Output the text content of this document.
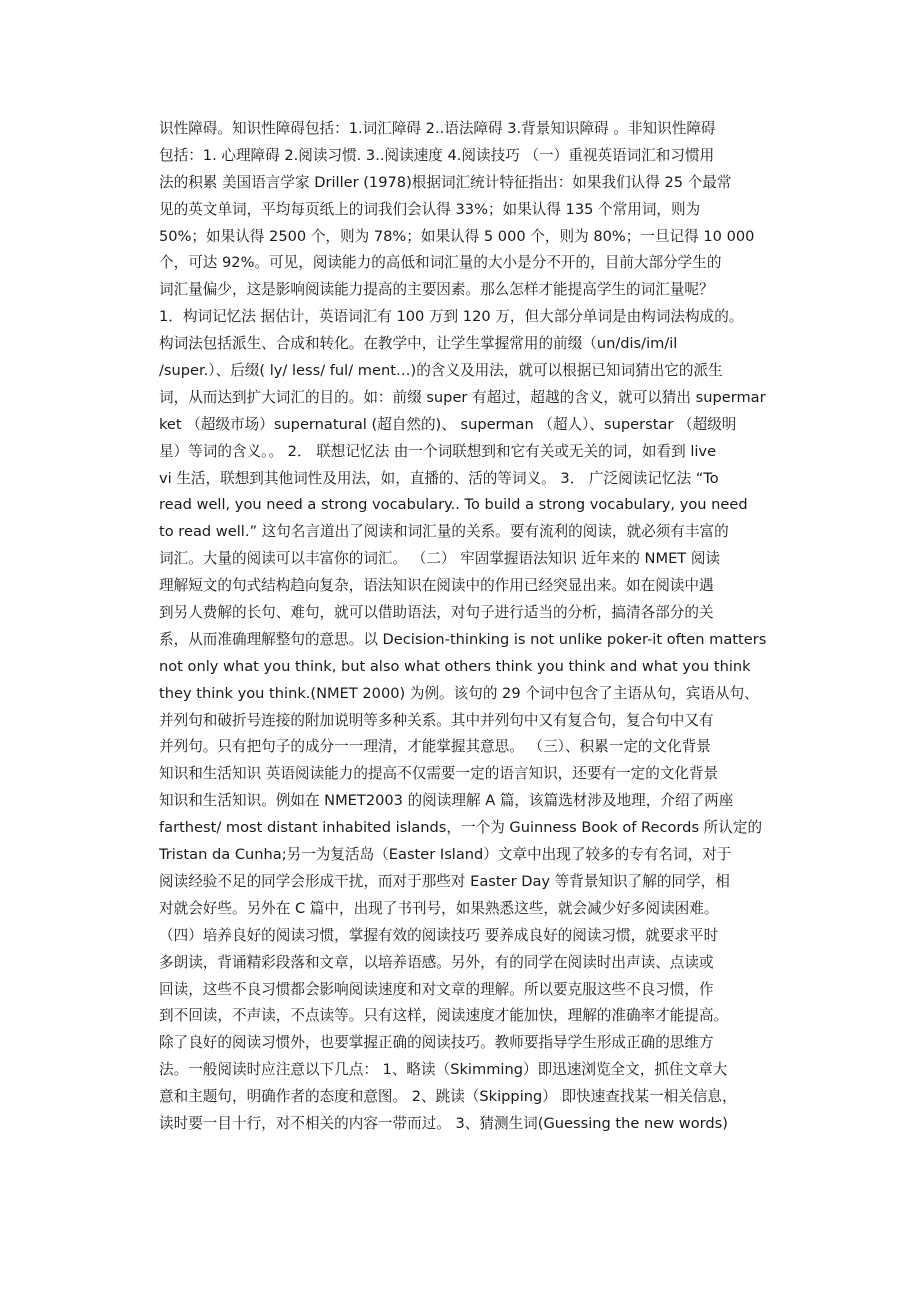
识性障碍。知识性障碍包括：1.词汇障碍 2..语法障碍 3.背景知识障碍 。非知识性障碍
包括：1. 心理障碍 2.阅读习惯. 3..阅读速度 4.阅读技巧 （一）重视英语词汇和习惯用
法的积累 美国语言学家 Driller (1978)根据词汇统计特征指出：如果我们认得 25 个最常
见的英文单词，平均每页纸上的词我们会认得 33%；如果认得 135 个常用词，则为
50%；如果认得 2500 个，则为 78%；如果认得 5 000 个，则为 80%；一旦记得 10 000
个，可达 92%。可见，阅读能力的高低和词汇量的大小是分不开的，目前大部分学生的
词汇量偏少，这是影响阅读能力提高的主要因素。那么怎样才能提高学生的词汇量呢？
1．构词记忆法 据估计，英语词汇有 100 万到 120 万，但大部分单词是由构词法构成的。
构词法包括派生、合成和转化。在教学中，让学生掌握常用的前缀（un/dis/im/il
/super.）、后缀( ly/ less/ ful/ ment…)的含义及用法，就可以根据已知词猜出它的派生
词，从而达到扩大词汇的目的。如：前缀 super 有超过，超越的含义，就可以猜出 supermar
ket （超级市场）supernatural (超自然的)、 superman （超人）、superstar （超级明
星）等词的含义。。 2． 联想记忆法 由一个词联想到和它有关或无关的词，如看到 live
vi 生活，联想到其他词性及用法，如，直播的、活的等词义。 3． 广泛阅读记忆法 “To
read well, you need a strong vocabulary.. To build a strong vocabulary, you need
to read well.” 这句名言道出了阅读和词汇量的关系。要有流利的阅读，就必须有丰富的
词汇。大量的阅读可以丰富你的词汇。 （二） 牢固掌握语法知识 近年来的 NMET 阅读
理解短文的句式结构趋向复杂，语法知识在阅读中的作用已经突显出来。如在阅读中遇
到另人费解的长句、难句，就可以借助语法，对句子进行适当的分析，搞清各部分的关
系，从而准确理解整句的意思。以 Decision-thinking is not unlike poker-it often matters
not only what you think, but also what others think you think and what you think
they think you think.(NMET 2000) 为例。该句的 29 个词中包含了主语从句，宾语从句、
并列句和破折号连接的附加说明等多种关系。其中并列句中又有复合句，复合句中又有
并列句。只有把句子的成分一一理清，才能掌握其意思。 （三）、积累一定的文化背景
知识和生活知识 英语阅读能力的提高不仅需要一定的语言知识，还要有一定的文化背景
知识和生活知识。例如在 NMET2003 的阅读理解 A 篇，该篇选材涉及地理，介绍了两座
farthest/ most distant inhabited islands，一个为 Guinness Book of Records 所认定的
Tristan da Cunha;另一为复活岛（Easter Island）文章中出现了较多的专有名词，对于
阅读经验不足的同学会形成干扰，而对于那些对 Easter Day 等背景知识了解的同学，相
对就会好些。另外在 C 篇中，出现了书刊号，如果熟悉这些，就会减少好多阅读困难。
（四）培养良好的阅读习惯，掌握有效的阅读技巧 要养成良好的阅读习惯，就要求平时
多朗读，背诵精彩段落和文章，以培养语感。另外，有的同学在阅读时出声读、点读或
回读，这些不良习惯都会影响阅读速度和对文章的理解。所以要克服这些不良习惯，作
到不回读，不声读，不点读等。只有这样，阅读速度才能加快，理解的准确率才能提高。
除了良好的阅读习惯外，也要掌握正确的阅读技巧。教师要指导学生形成正确的思维方
法。一般阅读时应注意以下几点： 1、略读（Skimming）即迅速浏览全文，抓住文章大
意和主题句，明确作者的态度和意图。 2、跳读（Skipping） 即快速查找某一相关信息，
读时要一目十行，对不相关的内容一带而过。 3、猜测生词(Guessing the new words)
